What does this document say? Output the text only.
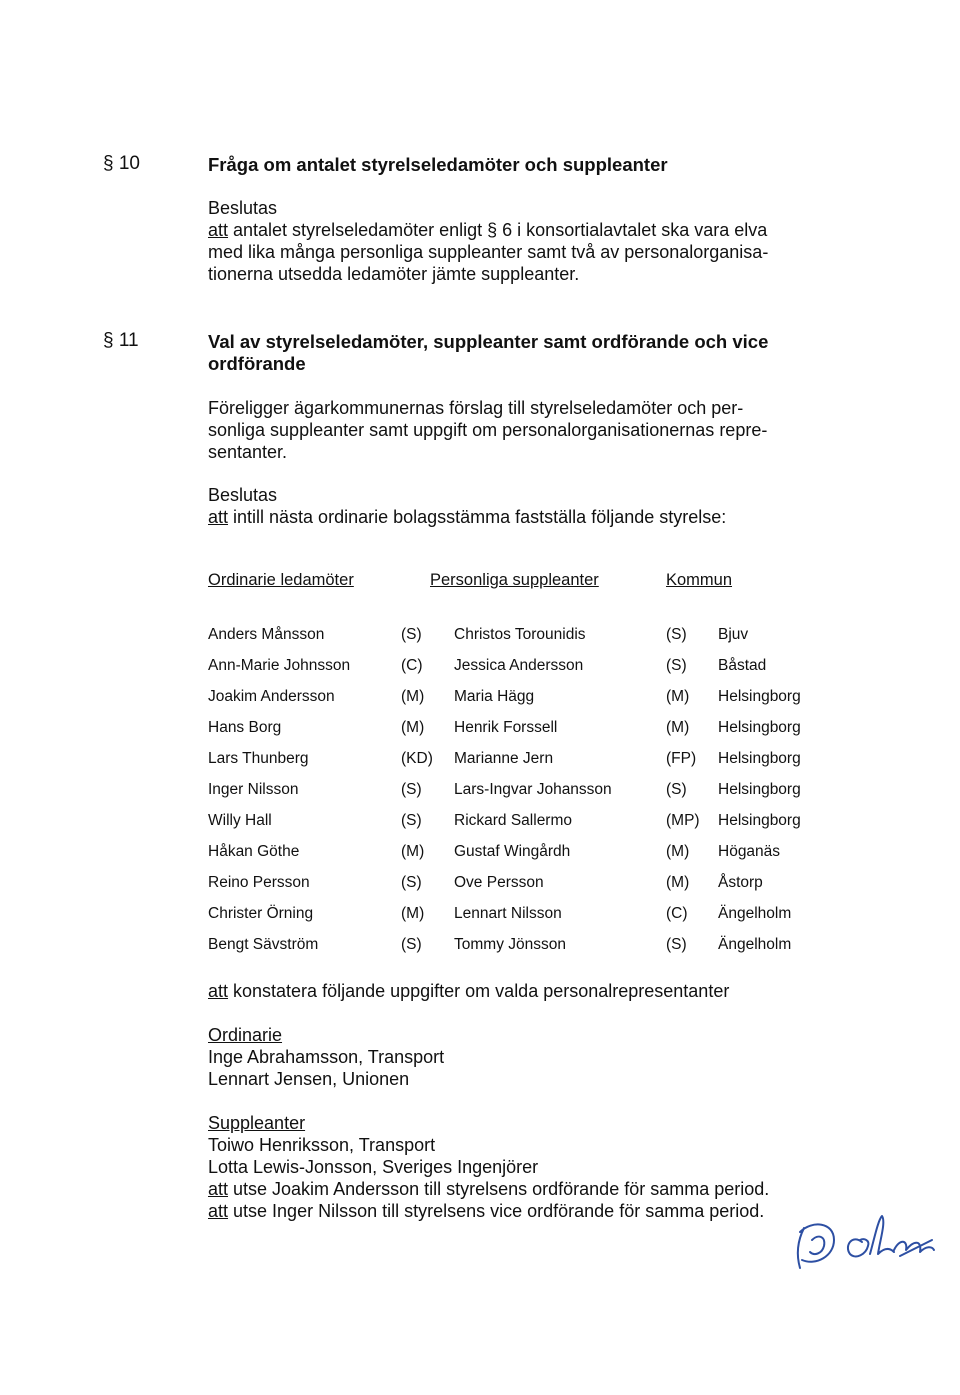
§ 10	Fråga om antalet styrelseledamöter och suppleanter
Beslutas
att antalet styrelseledamöter enligt § 6 i konsortialavtalet ska vara elva
med lika många personliga suppleanter samt två av personalorganisa-
tionerna utsedda ledamöter jämte suppleanter.
§ 11	Val av styrelseledamöter, suppleanter samt ordförande och vice
ordförande
Föreligger ägarkommunernas förslag till styrelseledamöter och per-
sonliga suppleanter samt uppgift om personalorganisationernas repre-
sentanter.
Beslutas
att intill nästa ordinarie bolagsstämma fastställa följande styrelse:
Ordinarie ledamöter	Personliga suppleanter	Kommun
Anders Månsson	(S) Christos Torounidis	(S) Bjuv
Ann-Marie Johnsson	(C) Jessica Andersson	(S) Båstad
Joakim Andersson	(M) Maria Hägg	(M) Helsingborg
Hans Borg	(M) Henrik Forssell	(M) Helsingborg
Lars Thunberg	(KD) Marianne Jern	(FP) Helsingborg
Inger Nilsson	(S) Lars-Ingvar Johansson	(S) Helsingborg
Willy Hall	(S) Rickard Sallermo	(MP) Helsingborg
Håkan Göthe	(M) Gustaf Wingårdh	(M) Höganäs
Reino Persson	(S) Ove Persson	(M) Åstorp
Christer Örning	(M) Lennart Nilsson	(C) Ängelholm
Bengt Sävström	(S) Tommy Jönsson	(S) Ängelholm
att konstatera följande uppgifter om valda personalrepresentanter
Ordinarie
Inge Abrahamsson, Transport
Lennart Jensen, Unionen
Suppleanter
Toiwo Henriksson, Transport
Lotta Lewis-Jonsson, Sveriges Ingenjörer
att utse Joakim Andersson till styrelsens ordförande för samma period.
att utse Inger Nilsson till styrelsens vice ordförande för samma period.
